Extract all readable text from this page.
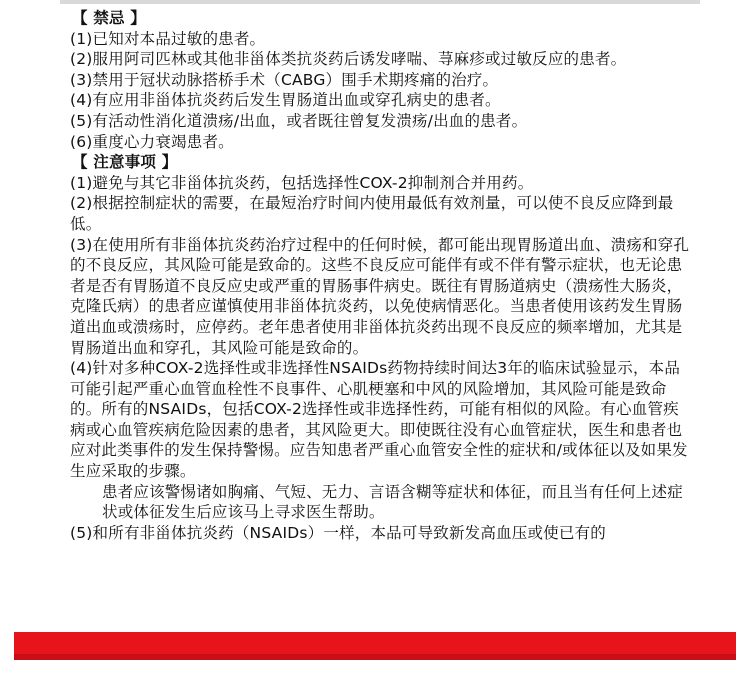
【 禁忌 】

(1)已知对本品过敏的患者。

(2)服用阿司匹林或其他非甾体类抗炎药后诱发哮喘、荨麻疹或过敏反应的患者。

(3)禁用于冠状动脉搭桥手术（CABG）围手术期疼痛的治疗。

(4)有应用非甾体抗炎药后发生胃肠道出血或穿孔病史的患者。

(5)有活动性消化道溃疡/出血，或者既往曾复发溃疡/出血的患者。

(6)重度心力衰竭患者。

【 注意事项 】

(1)避免与其它非甾体抗炎药，包括选择性COX-2抑制剂合并用药。

(2)根据控制症状的需要，在最短治疗时间内使用最低有效剂量，可以使不良反应降到最低。

(3)在使用所有非甾体抗炎药治疗过程中的任何时候，都可能出现胃肠道出血、溃疡和穿孔的不良反应，其风险可能是致命的。这些不良反应可能伴有或不伴有警示症状，也无论患者是否有胃肠道不良反应史或严重的胃肠事件病史。既往有胃肠道病史（溃疡性大肠炎，克隆氏病）的患者应谨慎使用非甾体抗炎药，以免使病情恶化。当患者使用该药发生胃肠道出血或溃疡时，应停药。老年患者使用非甾体抗炎药出现不良反应的频率增加，尤其是胃肠道出血和穿孔，其风险可能是致命的。

(4)针对多种COX-2选择性或非选择性NSAIDs药物持续时间达3年的临床试验显示，本品可能引起严重心血管血栓性不良事件、心肌梗塞和中风的风险增加，其风险可能是致命的。所有的NSAIDs，包括COX-2选择性或非选择性药，可能有相似的风险。有心血管疾病或心血管疾病危险因素的患者，其风险更大。即使既往没有心血管症状，医生和患者也应对此类事件的发生保持警惕。应告知患者严重心血管安全性的症状和/或体征以及如果发生应采取的步骤。

患者应该警惕诸如胸痛、气短、无力、言语含糊等症状和体征，而且当有任何上述症状或体征发生后应该马上寻求医生帮助。

(5)和所有非甾体抗炎药（NSAIDs）一样，本品可导致新发高血压或使已有的
